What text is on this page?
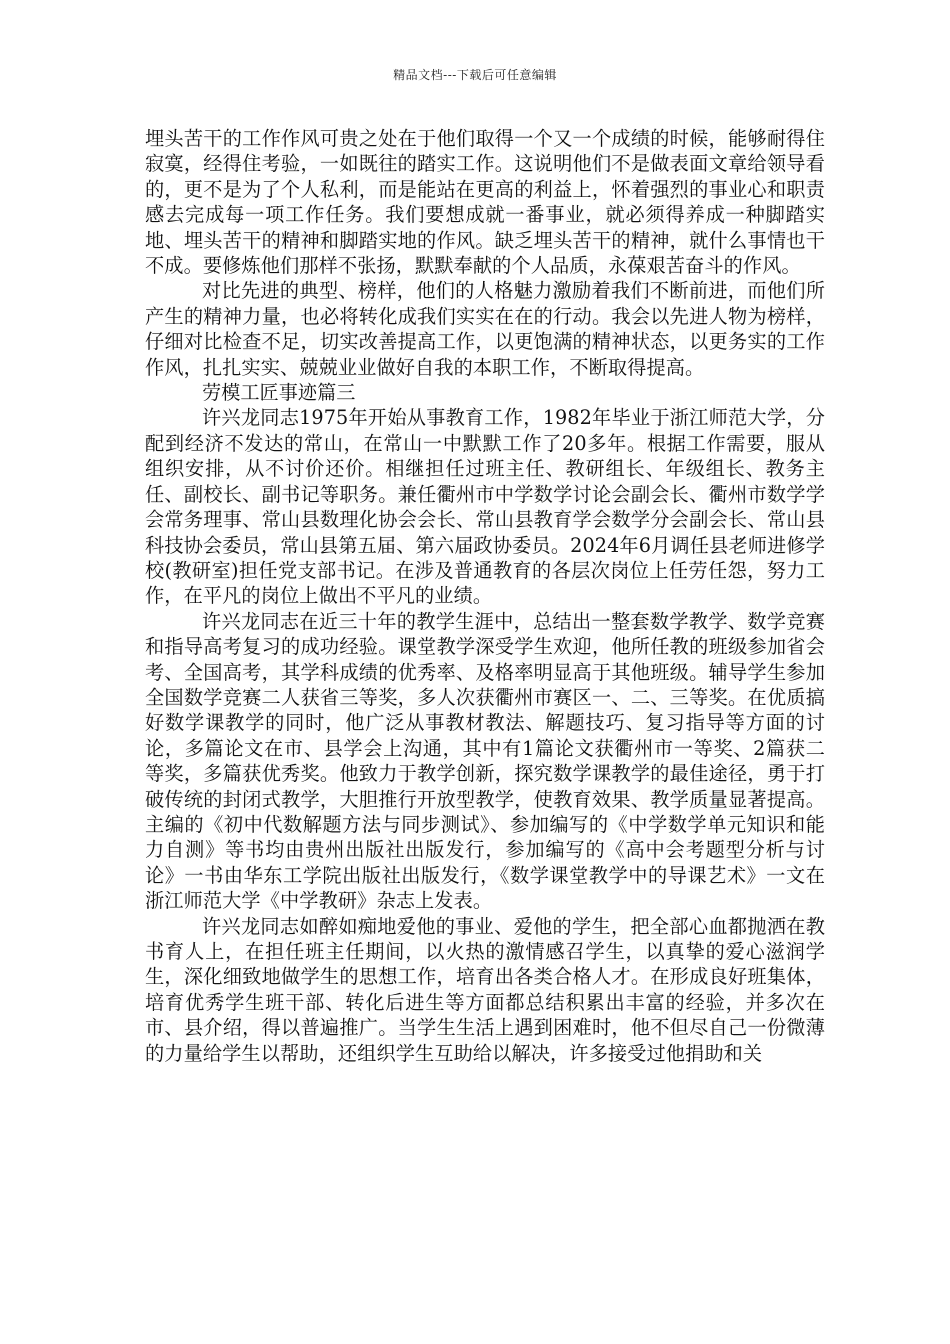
精品文档---下载后可任意编辑

埋头苦干的工作作风可贵之处在于他们取得一个又一个成绩的时候，能够耐得住寂寞，经得住考验，一如既往的踏实工作。这说明他们不是做表面文章给领导看的，更不是为了个人私利，而是能站在更高的利益上，怀着强烈的事业心和职责感去完成每一项工作任务。我们要想成就一番事业，就必须得养成一种脚踏实地、埋头苦干的精神和脚踏实地的作风。缺乏埋头苦干的精神，就什么事情也干不成。要修炼他们那样不张扬，默默奉献的个人品质，永葆艰苦奋斗的作风。

对比先进的典型、榜样，他们的人格魅力激励着我们不断前进，而他们所产生的精神力量，也必将转化成我们实实在在的行动。我会以先进人物为榜样，仔细对比检查不足，切实改善提高工作，以更饱满的精神状态，以更务实的工作作风，扎扎实实、兢兢业业做好自我的本职工作，不断取得提高。

劳模工匠事迹篇三

许兴龙同志1975年开始从事教育工作，1982年毕业于浙江师范大学，分配到经济不发达的常山，在常山一中默默工作了20多年。根据工作需要，服从组织安排，从不讨价还价。相继担任过班主任、教研组长、年级组长、教务主任、副校长、副书记等职务。兼任衢州市中学数学讨论会副会长、衢州市数学学会常务理事、常山县数理化协会会长、常山县教育学会数学分会副会长、常山县科技协会委员，常山县第五届、第六届政协委员。2024年6月调任县老师进修学校(教研室)担任党支部书记。在涉及普通教育的各层次岗位上任劳任怨，努力工作，在平凡的岗位上做出不平凡的业绩。

许兴龙同志在近三十年的教学生涯中，总结出一整套数学教学、数学竞赛和指导高考复习的成功经验。课堂教学深受学生欢迎，他所任教的班级参加省会考、全国高考，其学科成绩的优秀率、及格率明显高于其他班级。辅导学生参加全国数学竞赛二人获省三等奖，多人次获衢州市赛区一、二、三等奖。在优质搞好数学课教学的同时，他广泛从事教材教法、解题技巧、复习指导等方面的讨论，多篇论文在市、县学会上沟通，其中有1篇论文获衢州市一等奖、2篇获二等奖，多篇获优秀奖。他致力于教学创新，探究数学课教学的最佳途径，勇于打破传统的封闭式教学，大胆推行开放型教学，使教育效果、教学质量显著提高。主编的《初中代数解题方法与同步测试》、参加编写的《中学数学单元知识和能力自测》等书均由贵州出版社出版发行，参加编写的《高中会考题型分析与讨论》一书由华东工学院出版社出版发行，《数学课堂教学中的导课艺术》一文在浙江师范大学《中学教研》杂志上发表。

许兴龙同志如醉如痴地爱他的事业、爱他的学生，把全部心血都抛洒在教书育人上，在担任班主任期间，以火热的激情感召学生，以真挚的爱心滋润学生，深化细致地做学生的思想工作，培育出各类合格人才。在形成良好班集体，培育优秀学生班干部、转化后进生等方面都总结积累出丰富的经验，并多次在市、县介绍，得以普遍推广。当学生生活上遇到困难时，他不但尽自己一份微薄的力量给学生以帮助，还组织学生互助给以解决，许多接受过他捐助和关
